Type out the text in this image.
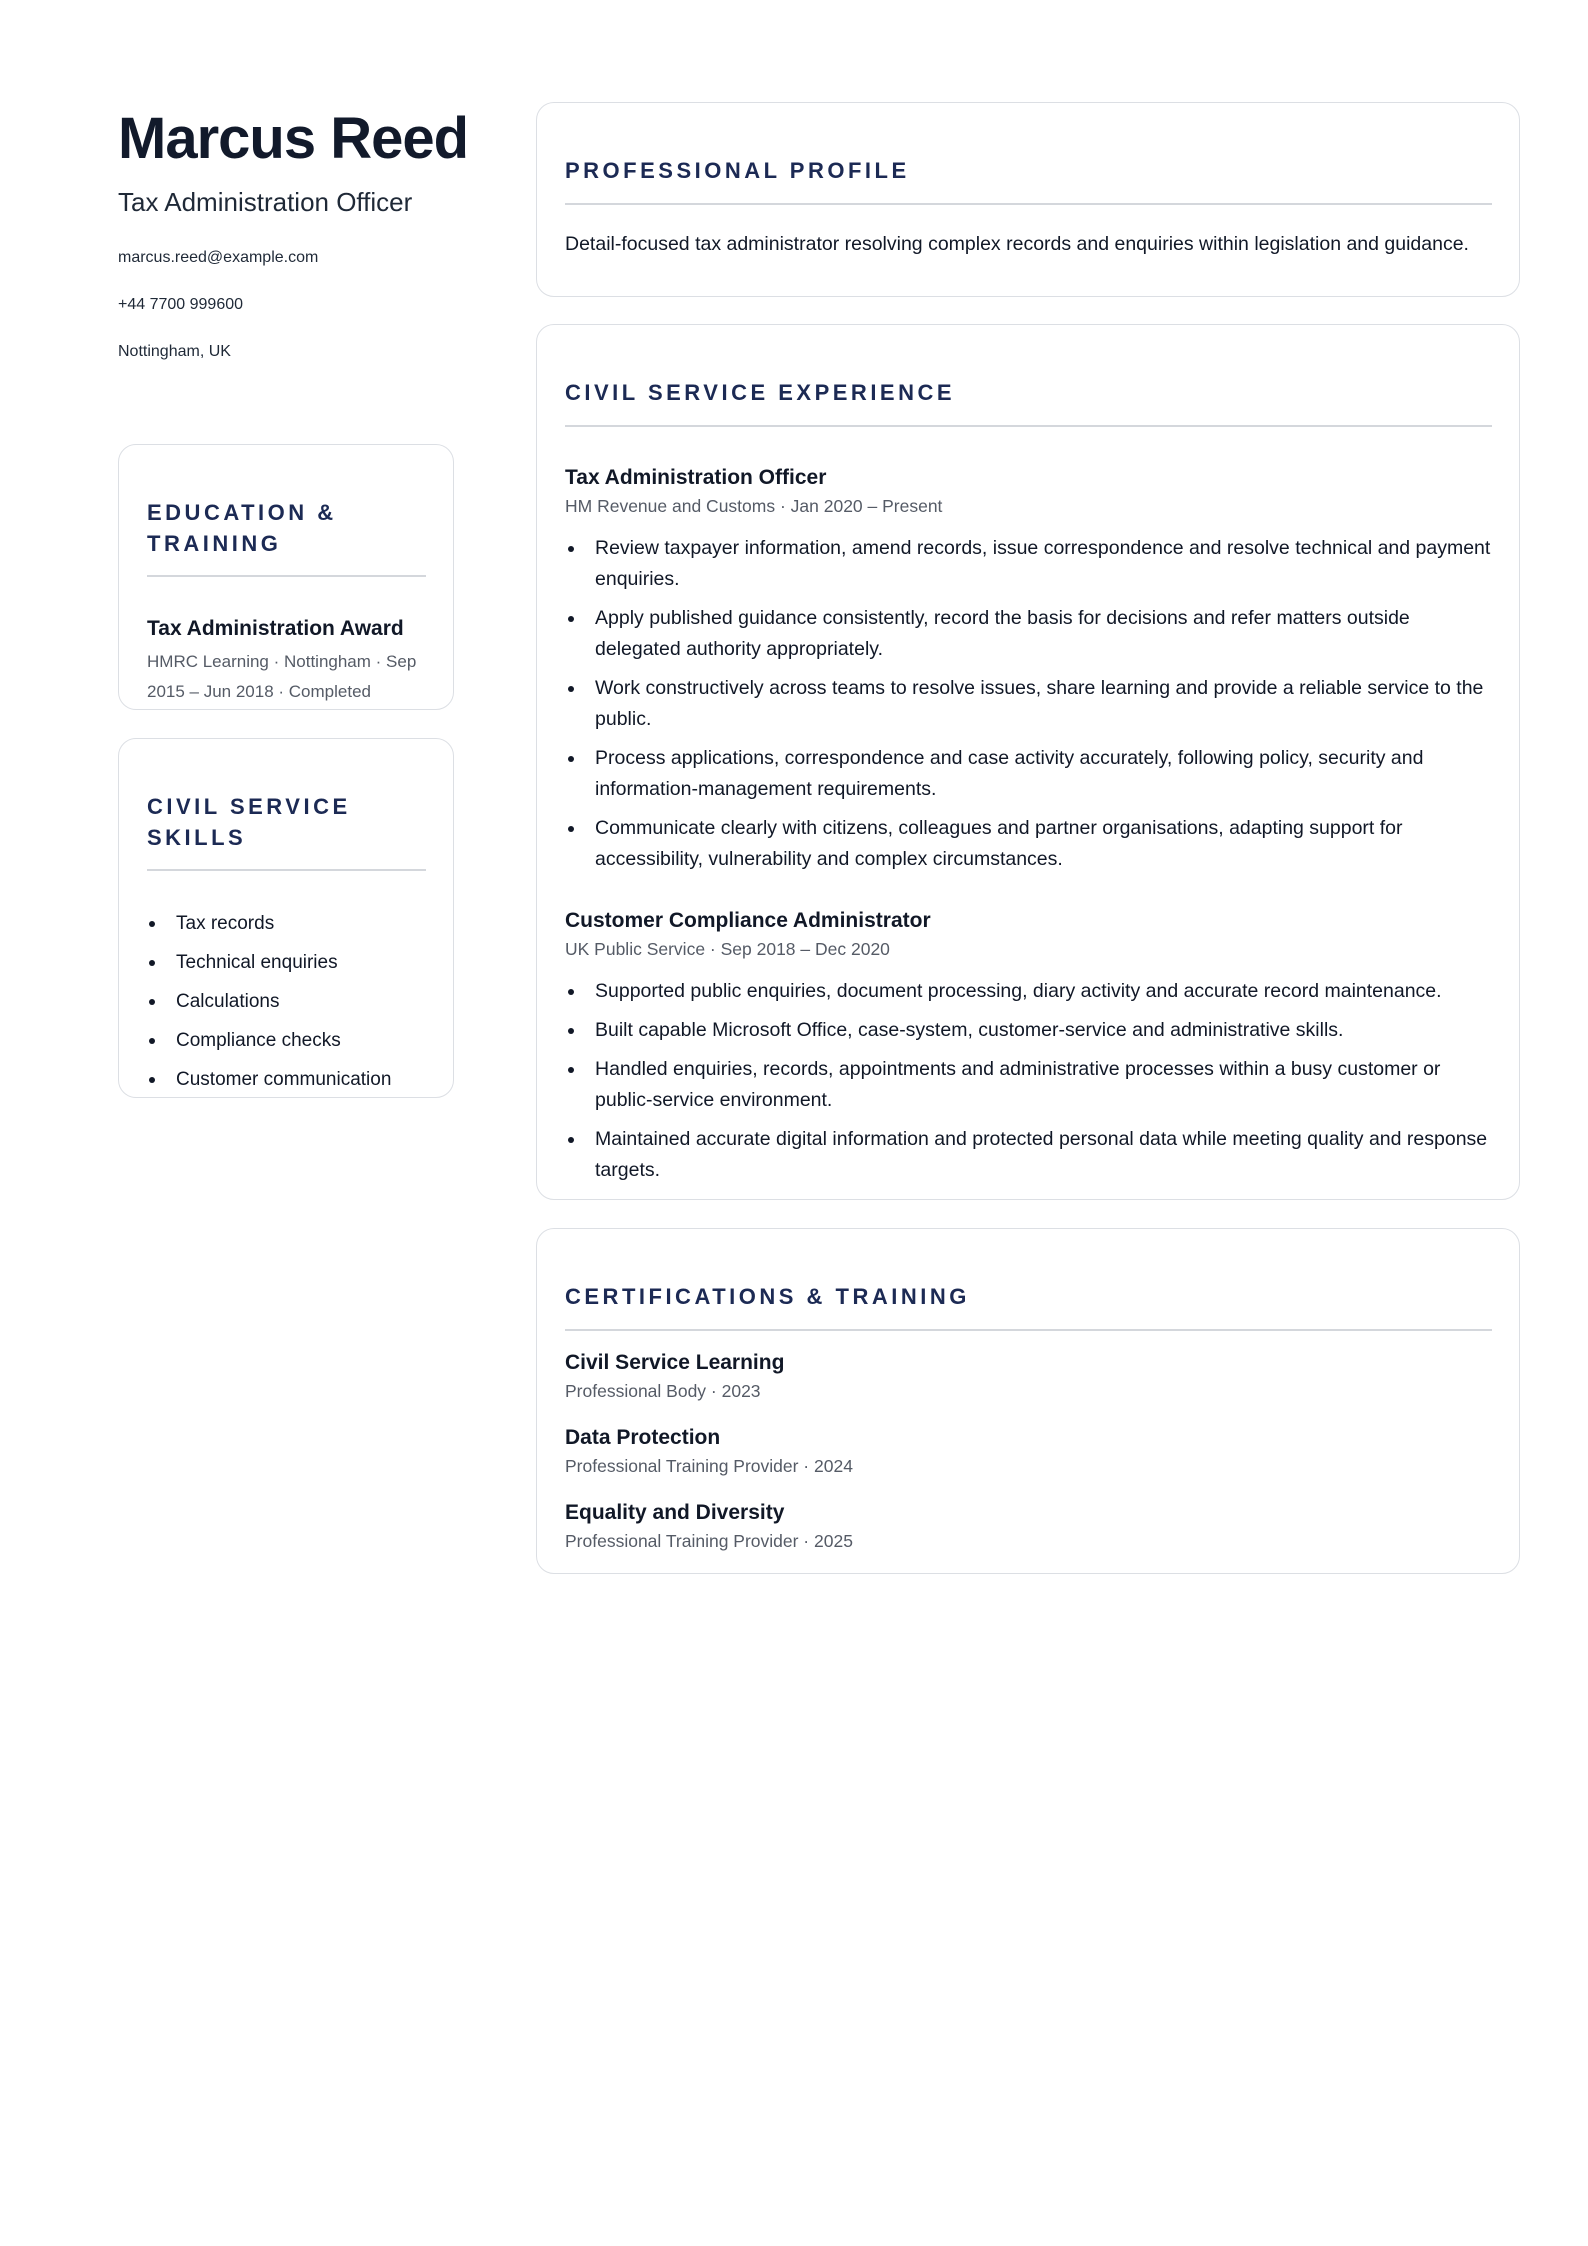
Marcus Reed
Tax Administration Officer
marcus.reed@example.com
+44 7700 999600
Nottingham, UK
EDUCATION & TRAINING
Tax Administration Award
HMRC Learning · Nottingham · Sep 2015 – Jun 2018 · Completed
CIVIL SERVICE SKILLS
Tax records
Technical enquiries
Calculations
Compliance checks
Customer communication
PROFESSIONAL PROFILE
Detail-focused tax administrator resolving complex records and enquiries within legislation and guidance.
CIVIL SERVICE EXPERIENCE
Tax Administration Officer
HM Revenue and Customs · Jan 2020 – Present
Review taxpayer information, amend records, issue correspondence and resolve technical and payment enquiries.
Apply published guidance consistently, record the basis for decisions and refer matters outside delegated authority appropriately.
Work constructively across teams to resolve issues, share learning and provide a reliable service to the public.
Process applications, correspondence and case activity accurately, following policy, security and information-management requirements.
Communicate clearly with citizens, colleagues and partner organisations, adapting support for accessibility, vulnerability and complex circumstances.
Customer Compliance Administrator
UK Public Service · Sep 2018 – Dec 2020
Supported public enquiries, document processing, diary activity and accurate record maintenance.
Built capable Microsoft Office, case-system, customer-service and administrative skills.
Handled enquiries, records, appointments and administrative processes within a busy customer or public-service environment.
Maintained accurate digital information and protected personal data while meeting quality and response targets.
CERTIFICATIONS & TRAINING
Civil Service Learning
Professional Body · 2023
Data Protection
Professional Training Provider · 2024
Equality and Diversity
Professional Training Provider · 2025
